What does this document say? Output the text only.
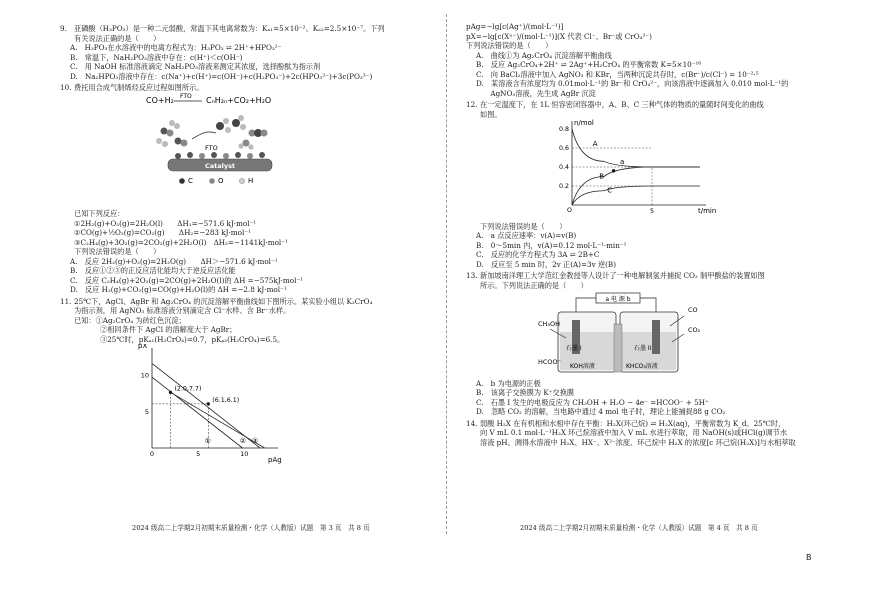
9. 亚磷酸（H₃PO₃）是一种二元弱酸，常温下其电离常数为：Kₐ₁=5×10⁻²、Kₐ₂=2.5×10⁻⁷。下列
有关说法正确的是（　　）
A.　H₃PO₃在水溶液中的电离方程式为：H₃PO₃ ⇌ 2H⁺+HPO₃²⁻
B.　常温下，NaH₂PO₃溶液中存在：c(H⁺)＜c(OH⁻)
C.　用 NaOH 标准溶液滴定 NaH₂PO₃溶液来测定其浓度，选择酚酞为指示剂
D.　Na₂HPO₃溶液中存在：c(Na⁺)+c(H⁺)=c(OH⁻)+c(H₂PO₃⁻)+2c(HPO₃²⁻)+3c(PO₃³⁻)
10. 费托用合成气制烯烃反应过程如图所示。
CO+H₂ FTO CₙH₂ₙ+CO₂+H₂O
FTO
Catalyst
C	O	H
已知下列反应：
①2H₂(g)+O₂(g)=2H₂O(l)　　ΔH₁=−571.6 kJ·mol⁻¹
②CO(g)+½O₂(g)=CO₂(g)　　ΔH₂=−283 kJ·mol⁻¹
③C₂H₄(g)+3O₂(g)=2CO₂(g)+2H₂O(l)　ΔH₃=−1141kJ·mol⁻¹
下列说法错误的是（　　）
A.　反应 2H₂(g)+O₂(g)=2H₂O(g)　　ΔH＞−571.6 kJ·mol⁻¹
B.　反应①②③的正反应活化能均大于逆反应活化能
C.　反应 C₂H₄(g)+2O₂(g)=2CO(g)+2H₂O(l)的 ΔH =−575kJ·mol⁻¹
D.　反应 H₂(g)+CO₂(g)=CO(g)+H₂O(l)的 ΔH =−2.8 kJ·mol⁻¹
11. 25℃下，AgCl、AgBr 和 Ag₂CrO₄ 的沉淀溶解平衡曲线如下图所示。某实验小组以 K₂CrO₄
为指示剂，用 AgNO₃ 标准溶液分别滴定含 Cl⁻水样、含 Br⁻水样。
已知：①Ag₂CrO₄ 为砖红色沉淀；
②相同条件下 AgCl 的溶解度大于 AgBr；
③25℃时，pKₐ₁(H₂CrO₄)=0.7，pKₐ₂(H₂CrO₄)=6.5。
0	5	10
5
10
pX
pAg
(2.0,7.7)
(6.1,6.1)
①	② ③
2024 级高二上学期2月初期末质量检测・化学（人教版）试题　第 3 页　共 8 页
pAg=−lg[c(Ag⁺)/(mol·L⁻¹)]
pX=−lg[c(Xⁿ⁻)/(mol·L⁻¹)](X 代表 Cl⁻、Br⁻或 CrO₄²⁻)
下列说法错误的是（　　）
A.　曲线①为 Ag₂CrO₄ 沉淀溶解平衡曲线
B.　反应 Ag₂CrO₄+2H⁺ ⇌ 2Ag⁺+H₂CrO₄ 的平衡常数 K=5×10⁻¹⁶
C.　向 BaCl₂溶液中加入 AgNO₃ 和 KBr，当两种沉淀共存时，c(Br⁻)/c(Cl⁻) = 10⁻²·⁵
D.　某溶液含有浓度均为 0.01mol·L⁻¹的 Br⁻和 CrO₄²⁻，向该溶液中逐滴加入 0.010 mol·L⁻¹的
　　AgNO₃溶液，先生成 AgBr 沉淀
12. 在一定温度下，在 1L 恒容密闭容器中，A、B、C 三种气体的物质的量随时间变化的曲线
如图。
0.2
0.4
0.6
0.8
5
O
n/mol
t/min
A
B
C
a
下列说法错误的是（　　）
A.　a 点反应速率：v(A)=v(B)
B.　0～5min 内，v(A)=0.12 mol·L⁻¹·min⁻¹
C.　反应的化学方程式为 3A ⇌ 2B+C
D.　反应至 5 min 时，2v 正(A)=3v 逆(B)
13. 新加坡南洋理工大学范红金教授等人设计了一种电解制氢并捕捉 CO₂ 制甲酸盐的装置如图
所示。下列说法正确的是（　　）
a 电 源 b
CH₃OH
HCOO⁻
石墨 I	石墨 II
KOH溶液	KHCO₃溶液
CO
CO₂
A.　b 为电源的正极
B.　该离子交换膜为 K⁺交换膜
C.　石墨 I 发生的电极反应为 CH₃OH + H₂O − 4e⁻ =HCOO⁻ + 5H⁺
D.　忽略 CO₂ 的溶解，当电路中通过 4 mol 电子时，理论上能捕捉88 g CO₂
14. 弱酸 H₂X 在有机相和水相中存在平衡：H₂X(环己烷) ⇌ H₂X(aq)，平衡常数为 K_d。25℃时，
向 V mL 0.1 mol·L⁻¹H₂X 环己烷溶液中加入 V mL 水进行萃取，用 NaOH(s)或HCl(g)调节水
溶液 pH。测得水溶液中 H₂X、HX⁻、X²⁻浓度、环己烷中 H₂X 的浓度[c 环己烷(H₂X)]与水相萃取
2024 级高二上学期2月初期末质量检测・化学（人教版）试题　第 4 页　共 8 页
B
